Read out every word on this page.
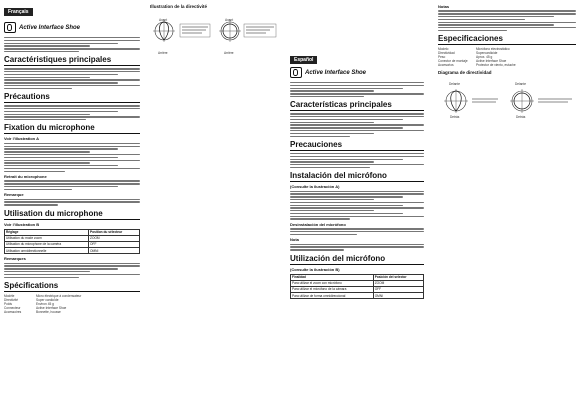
Français
Active Interface Shoe
Caractéristiques principales
Précautions
Fixation du microphone
Voir l'illustration A
Retrait du microphone
Remarque
Utilisation du microphone
Voir l'illustration B
Réglage	Position du sélecteur
Utilisation du mode zoom	ZOOM
Utilisation du microphone de la caméra	OFF
Utilisation omnidirectionnelle	OMNI
Remarques
Spécifications
Modèle	Micro électrique à condensateur
Directivité	Super cardioïde
Poids	Environ 45 g
Connecteur	Active Interface Shoe
Accessoires	Bonnette, housse
Illustration de la directivité
Avant
Arrière
Avant
Arrière
Español
Active Interface Shoe
Características principales
Precauciones
Instalación del micrófono
(Consulte la ilustración A)
Desinstalación del micrófono
Nota
Utilización del micrófono
(Consulte la ilustración B)
Finalidad	Posición del selector
Para utilizar el zoom con micrófono	ZOOM
Para utilizar el micrófono de la cámara	OFF
Para utilizar de forma omnidireccional	OMNI
Notas
Especificaciones
Modelo	Micrófono electrostático
Directividad	Supercardioide
Peso	Aprox. 45 g
Conector de montaje	Active Interface Shoe
Accesorios	Protector de viento, estuche
Diagrama de directividad
Delante
Detrás
Delante
Detrás
